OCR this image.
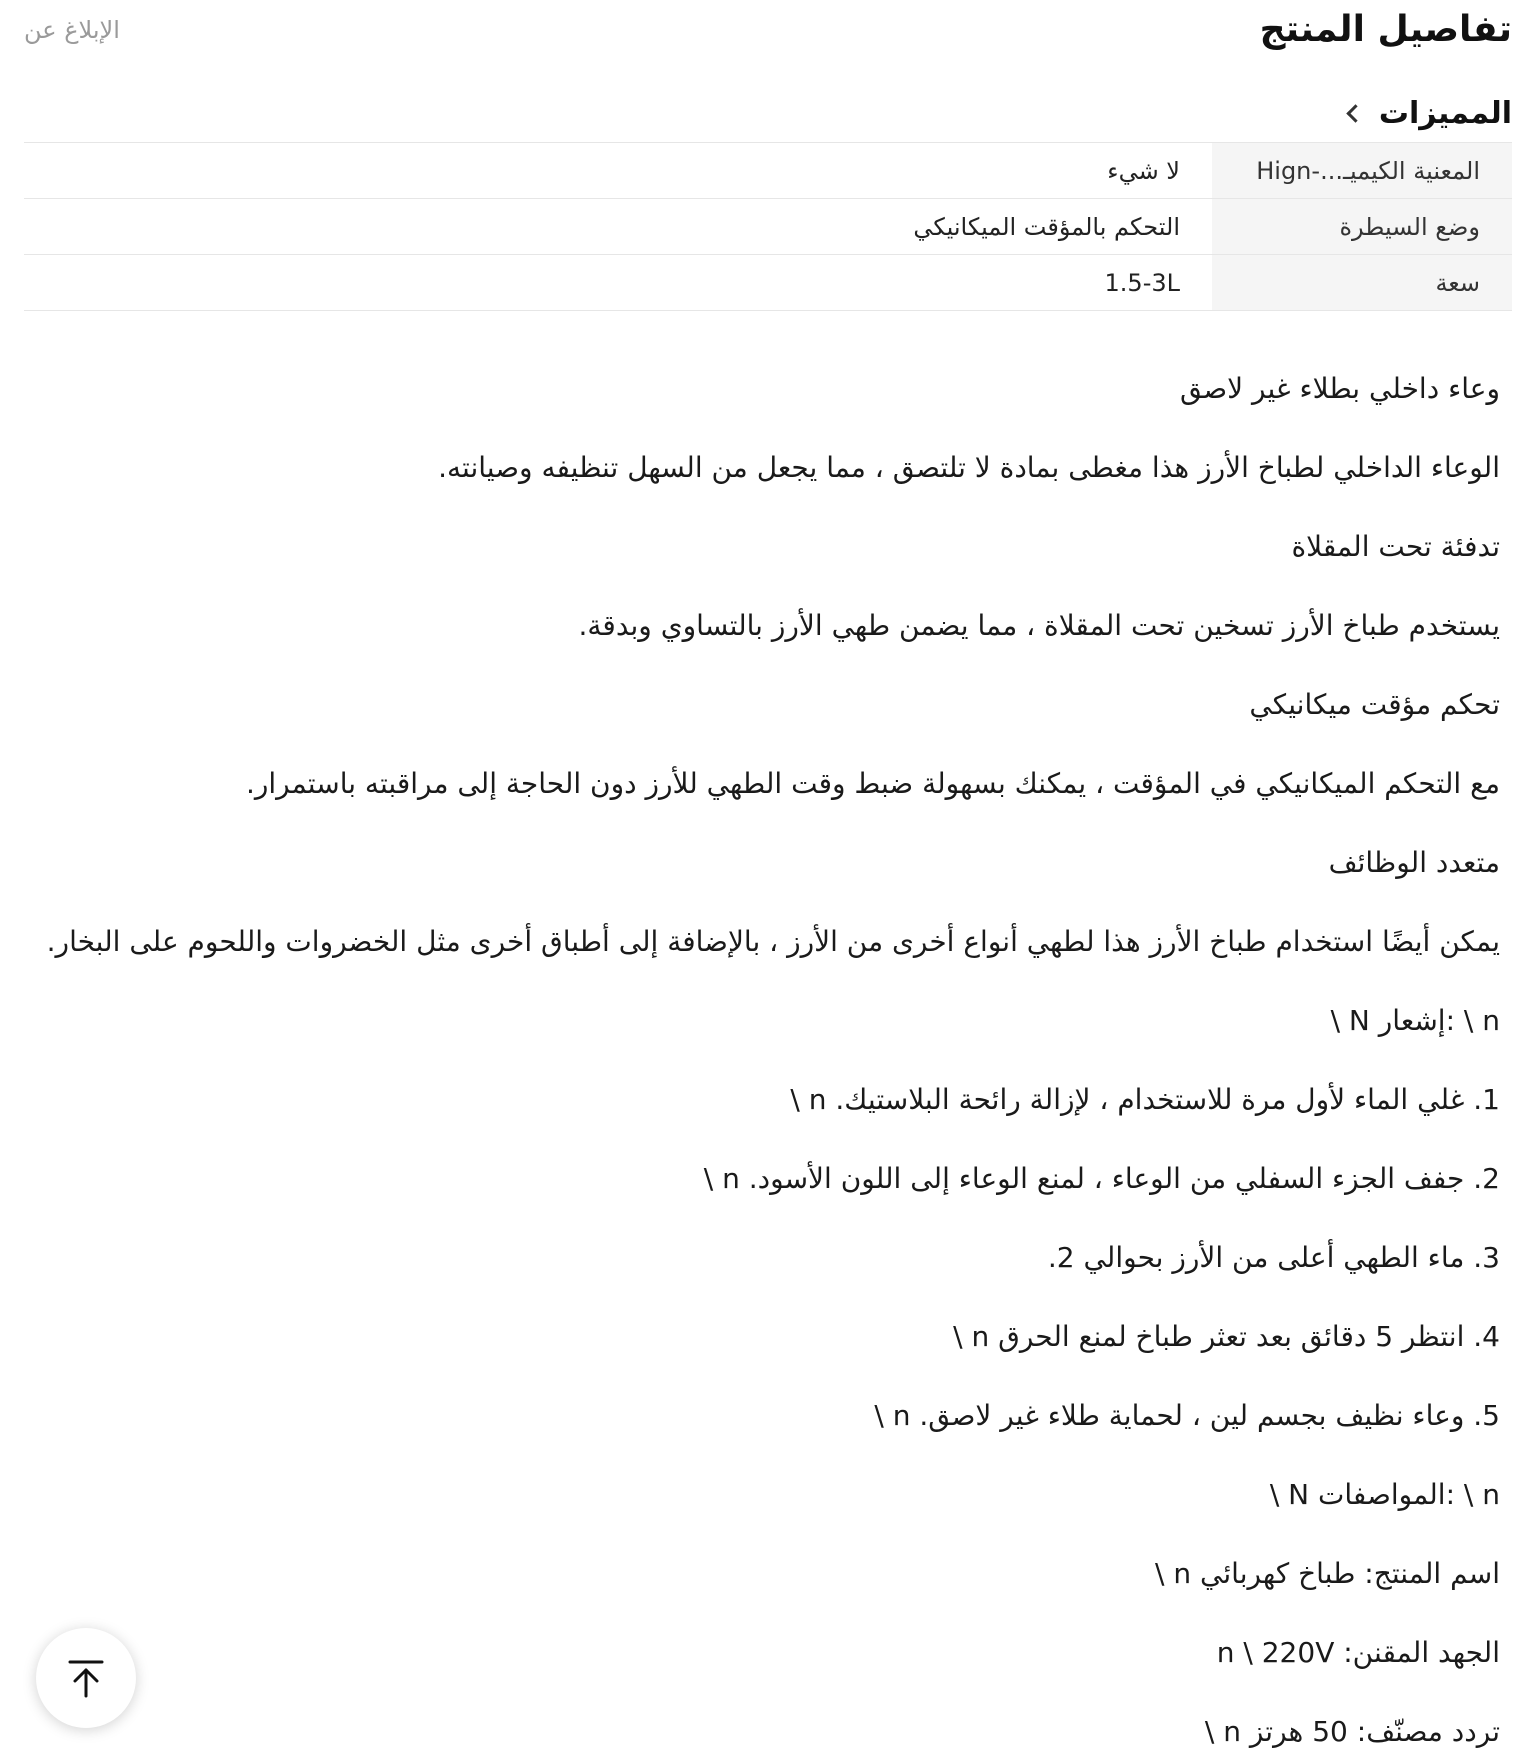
تفاصيل المنتج
الإبلاغ عن
المميزات
المعنية الكيميـ...-Hign	لا شيء
وضع السيطرة	التحكم بالمؤقت الميكانيكي
سعة	1.5-3L

وعاء داخلي بطلاء غير لاصق

الوعاء الداخلي لطباخ الأرز هذا مغطى بمادة لا تلتصق ، مما يجعل من السهل تنظيفه وصيانته.

تدفئة تحت المقلاة

يستخدم طباخ الأرز تسخين تحت المقلاة ، مما يضمن طهي الأرز بالتساوي وبدقة.

تحكم مؤقت ميكانيكي

مع التحكم الميكانيكي في المؤقت ، يمكنك بسهولة ضبط وقت الطهي للأرز دون الحاجة إلى مراقبته باستمرار.

متعدد الوظائف

يمكن أيضًا استخدام طباخ الأرز هذا لطهي أنواع أخرى من الأرز ، بالإضافة إلى أطباق أخرى مثل الخضروات واللحوم على البخار.

n \ :إشعار N \

1. غلي الماء لأول مرة للاستخدام ، لإزالة رائحة البلاستيك. n \

2. جفف الجزء السفلي من الوعاء ، لمنع الوعاء إلى اللون الأسود. n \

3. ماء الطهي أعلى من الأرز بحوالي 2.

4. انتظر 5 دقائق بعد تعثر طباخ لمنع الحرق n \

5. وعاء نظيف بجسم لين ، لحماية طلاء غير لاصق. n \

n \ :المواصفات N \

اسم المنتج: طباخ كهربائي n \

الجهد المقنن: n \ 220V

تردد مصنّف: 50 هرتز n \
